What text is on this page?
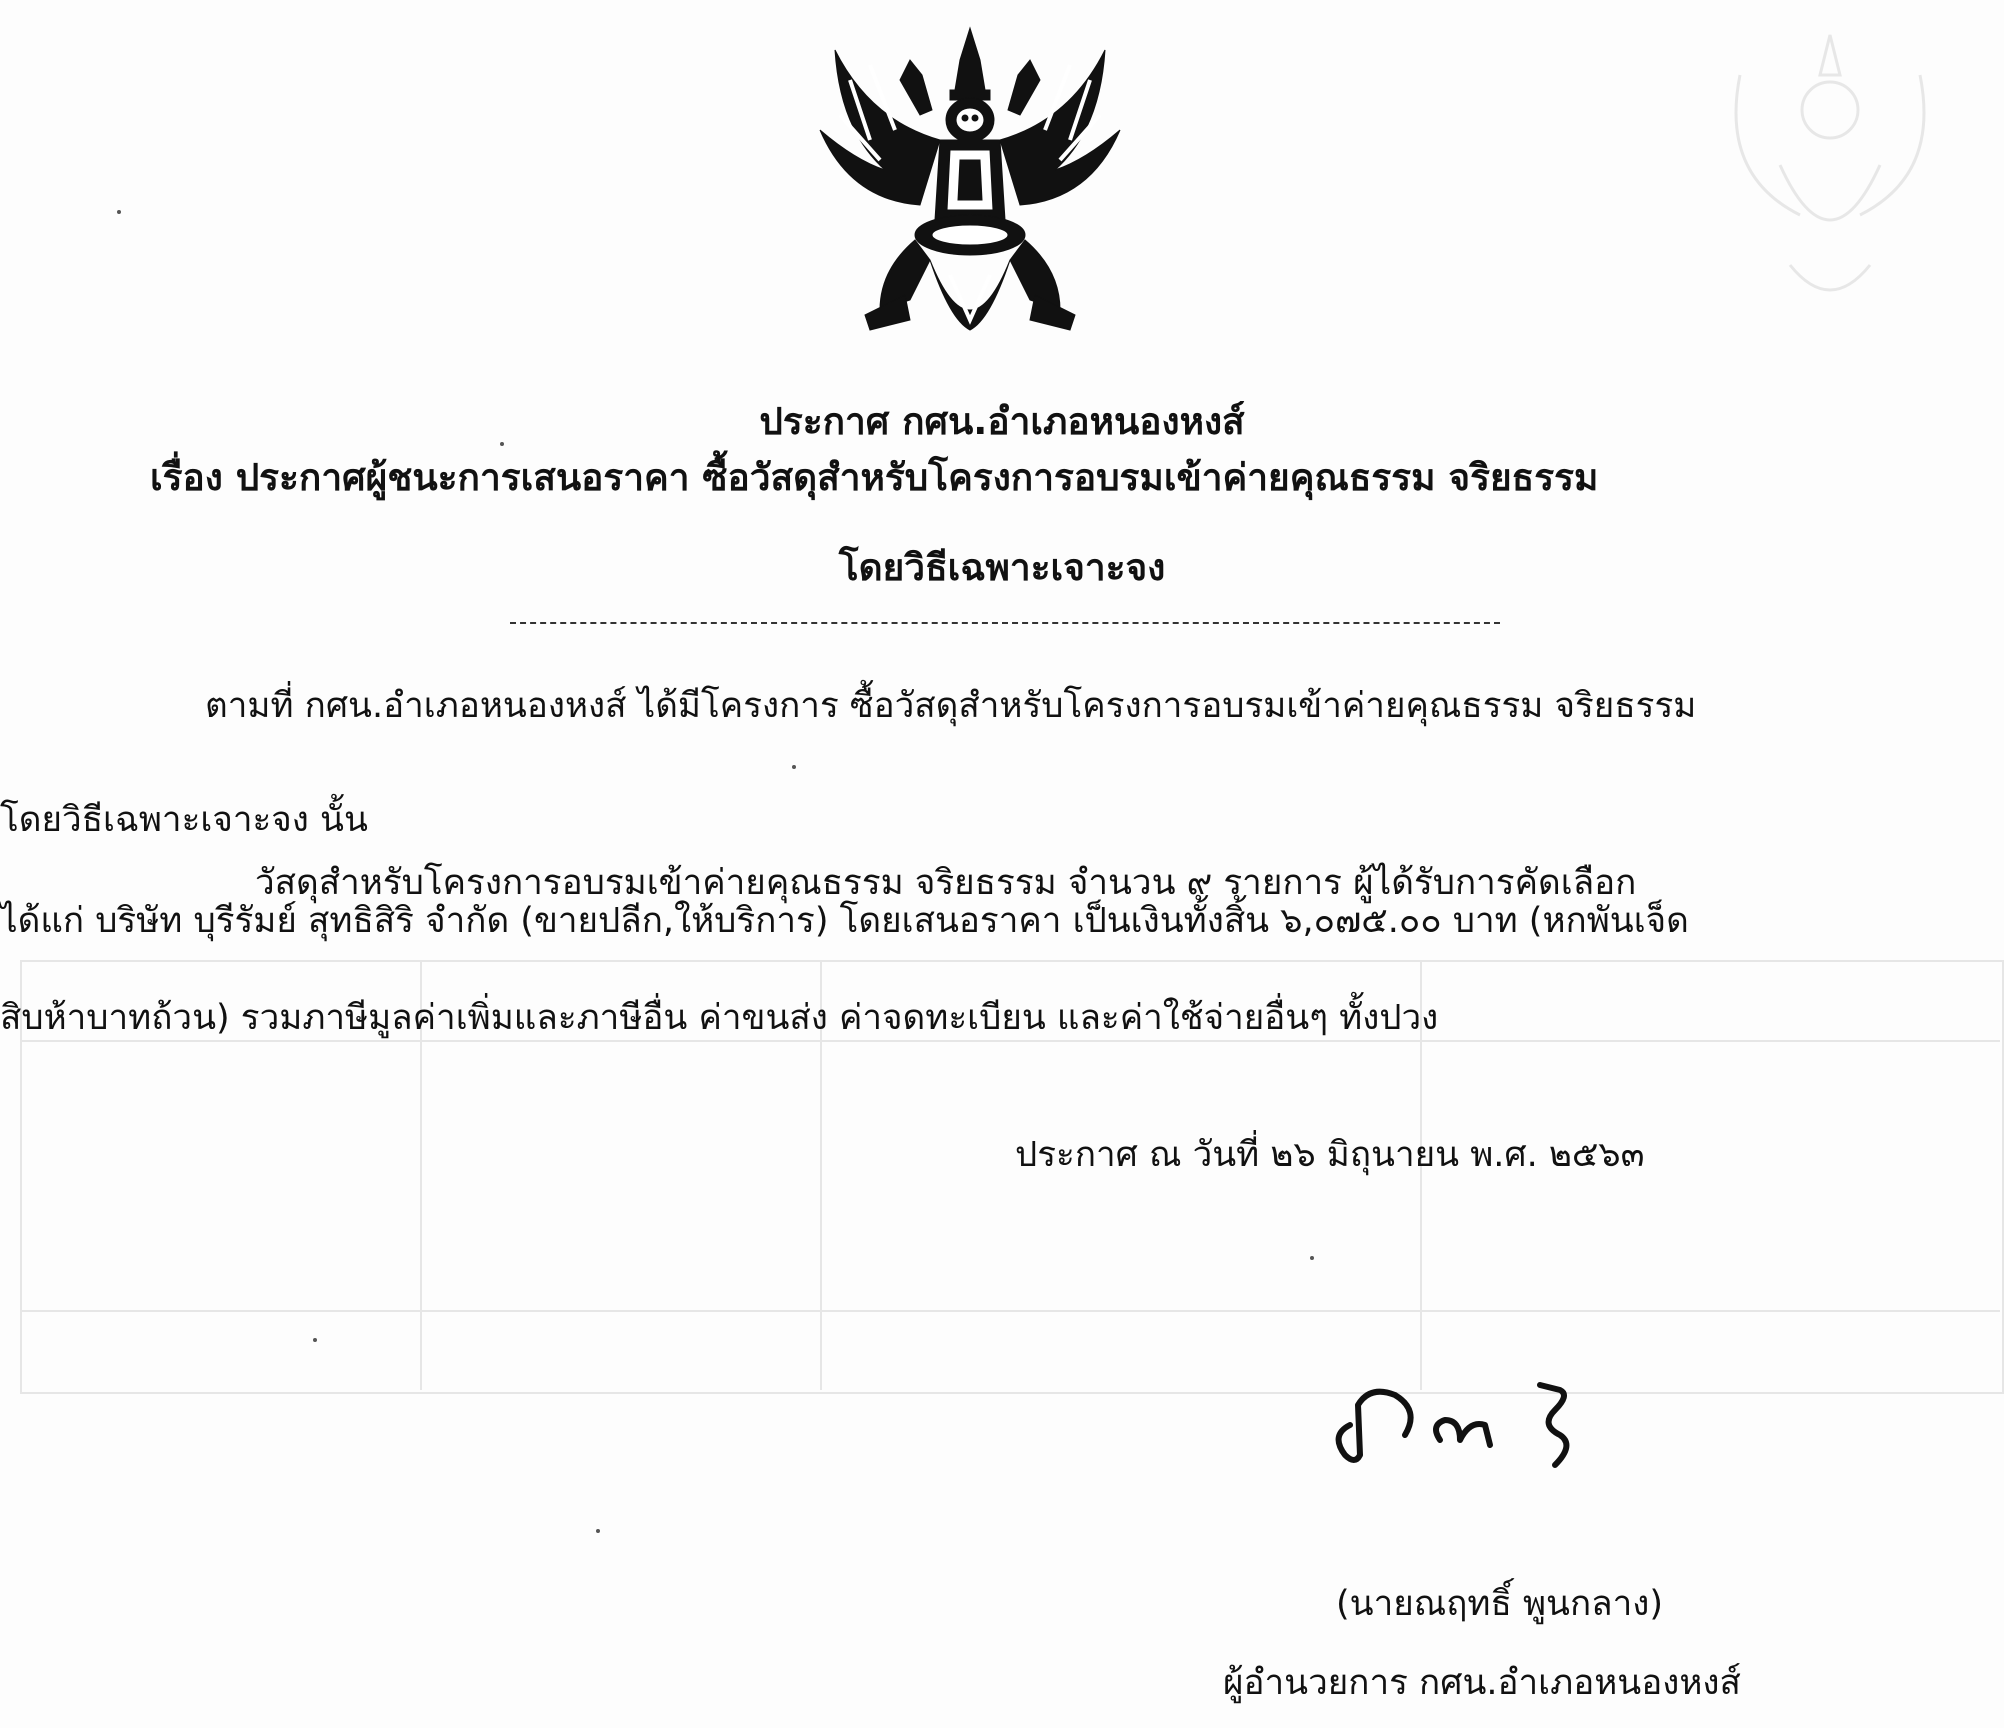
ประกาศ กศน.อำเภอหนองหงส์
เรื่อง ประกาศผู้ชนะการเสนอราคา ซื้อวัสดุสำหรับโครงการอบรมเข้าค่ายคุณธรรม จริยธรรม
โดยวิธีเฉพาะเจาะจง
ตามที่ กศน.อำเภอหนองหงส์ ได้มีโครงการ ซื้อวัสดุสำหรับโครงการอบรมเข้าค่ายคุณธรรม จริยธรรม
โดยวิธีเฉพาะเจาะจง นั้น
วัสดุสำหรับโครงการอบรมเข้าค่ายคุณธรรม จริยธรรม จำนวน ๙ รายการ ผู้ได้รับการคัดเลือก
ได้แก่ บริษัท บุรีรัมย์ สุทธิสิริ จำกัด (ขายปลีก,ให้บริการ) โดยเสนอราคา เป็นเงินทั้งสิ้น ๖,๐๗๕.๐๐ บาท (หกพันเจ็ด
สิบห้าบาทถ้วน) รวมภาษีมูลค่าเพิ่มและภาษีอื่น ค่าขนส่ง ค่าจดทะเบียน และค่าใช้จ่ายอื่นๆ ทั้งปวง
ประกาศ ณ วันที่ ๒๖ มิถุนายน พ.ศ. ๒๕๖๓
(นายณฤทธิ์ พูนกลาง)
ผู้อำนวยการ กศน.อำเภอหนองหงส์
